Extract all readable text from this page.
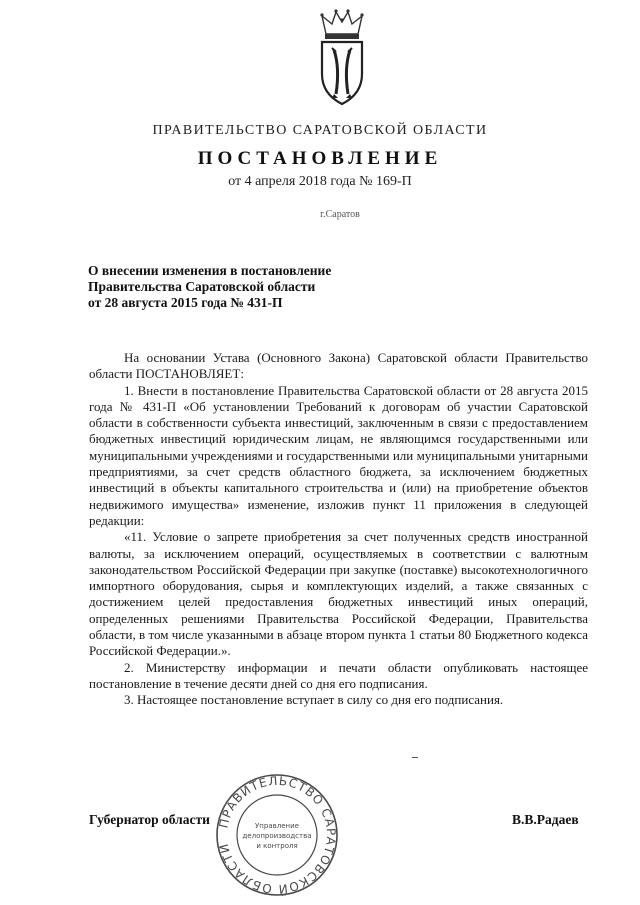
ПРАВИТЕЛЬСТВО САРАТОВСКОЙ ОБЛАСТИ
ПОСТАНОВЛЕНИЕ
от 4 апреля 2018 года № 169-П
г.Саратов
О внесении изменения в постановление
Правительства Саратовской области
от 28 августа 2015 года № 431-П

На основании Устава (Основного Закона) Саратовской области Правительство области ПОСТАНОВЛЯЕТ:

1. Внести в постановление Правительства Саратовской области от 28 августа 2015 года № 431-П «Об установлении Требований к договорам об участии Саратовской области в собственности субъекта инвестиций, заключенным в связи с предоставлением бюджетных инвестиций юридическим лицам, не являющимся государственными или муниципальными учреждениями и государственными или муниципальными унитарными предприятиями, за счет средств областного бюджета, за исключением бюджетных инвестиций в объекты капитального строительства и (или) на приобретение объектов недвижимого имущества» изменение, изложив пункт 11 приложения в следующей редакции:

«11. Условие о запрете приобретения за счет полученных средств иностранной валюты, за исключением операций, осуществляемых в соответствии с валютным законодательством Российской Федерации при закупке (поставке) высокотехнологичного импортного оборудования, сырья и комплектующих изделий, а также связанных с достижением целей предоставления бюджетных инвестиций иных операций, определенных решениями Правительства Российской Федерации, Правительства области, в том числе указанными в абзаце втором пункта 1 статьи 80 Бюджетного кодекса Российской Федерации.».

2. Министерству информации и печати области опубликовать настоящее постановление в течение десяти дней со дня его подписания.

3. Настоящее постановление вступает в силу со дня его подписания.

Губернатор области ПРАВИТЕЛЬСТВО САРАТОВСКОЙ ОБЛАСТИ
Управление
делопроизводства
и контроля
В.В.Радаев
